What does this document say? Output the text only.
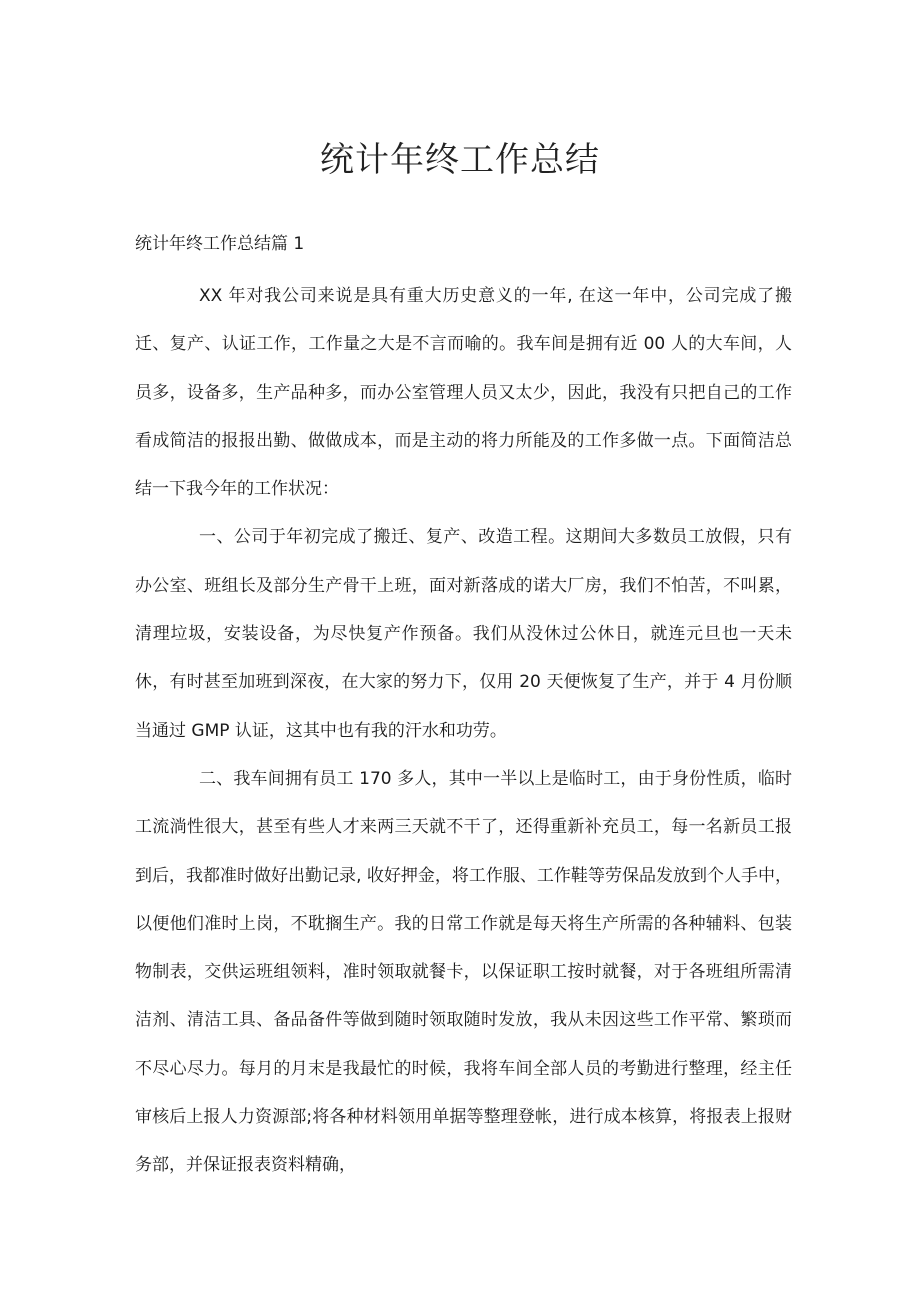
统计年终工作总结

统计年终工作总结篇 1

XX 年对我公司来说是具有重大历史意义的一年, 在这一年中，公司完成了搬迁、复产、认证工作，工作量之大是不言而喻的。我车间是拥有近 00 人的大车间，人员多，设备多，生产品种多，而办公室管理人员又太少，因此，我没有只把自己的工作看成简洁的报报出勤、做做成本，而是主动的将力所能及的工作多做一点。下面简洁总结一下我今年的工作状况：

一、公司于年初完成了搬迁、复产、改造工程。这期间大多数员工放假，只有办公室、班组长及部分生产骨干上班，面对新落成的诺大厂房，我们不怕苦，不叫累，清理垃圾，安装设备，为尽快复产作预备。我们从没休过公休日，就连元旦也一天未休，有时甚至加班到深夜，在大家的努力下，仅用 20 天便恢复了生产，并于 4 月份顺当通过 GMP 认证，这其中也有我的汗水和功劳。

二、我车间拥有员工 170 多人，其中一半以上是临时工，由于身份性质，临时工流淌性很大，甚至有些人才来两三天就不干了，还得重新补充员工，每一名新员工报到后，我都准时做好出勤记录, 收好押金，将工作服、工作鞋等劳保品发放到个人手中，以便他们准时上岗，不耽搁生产。我的日常工作就是每天将生产所需的各种辅料、包装物制表，交供运班组领料，准时领取就餐卡，以保证职工按时就餐，对于各班组所需清洁剂、清洁工具、备品备件等做到随时领取随时发放，我从未因这些工作平常、繁琐而不尽心尽力。每月的月末是我最忙的时候，我将车间全部人员的考勤进行整理，经主任审核后上报人力资源部;将各种材料领用单据等整理登帐，进行成本核算，将报表上报财务部，并保证报表资料精确，
